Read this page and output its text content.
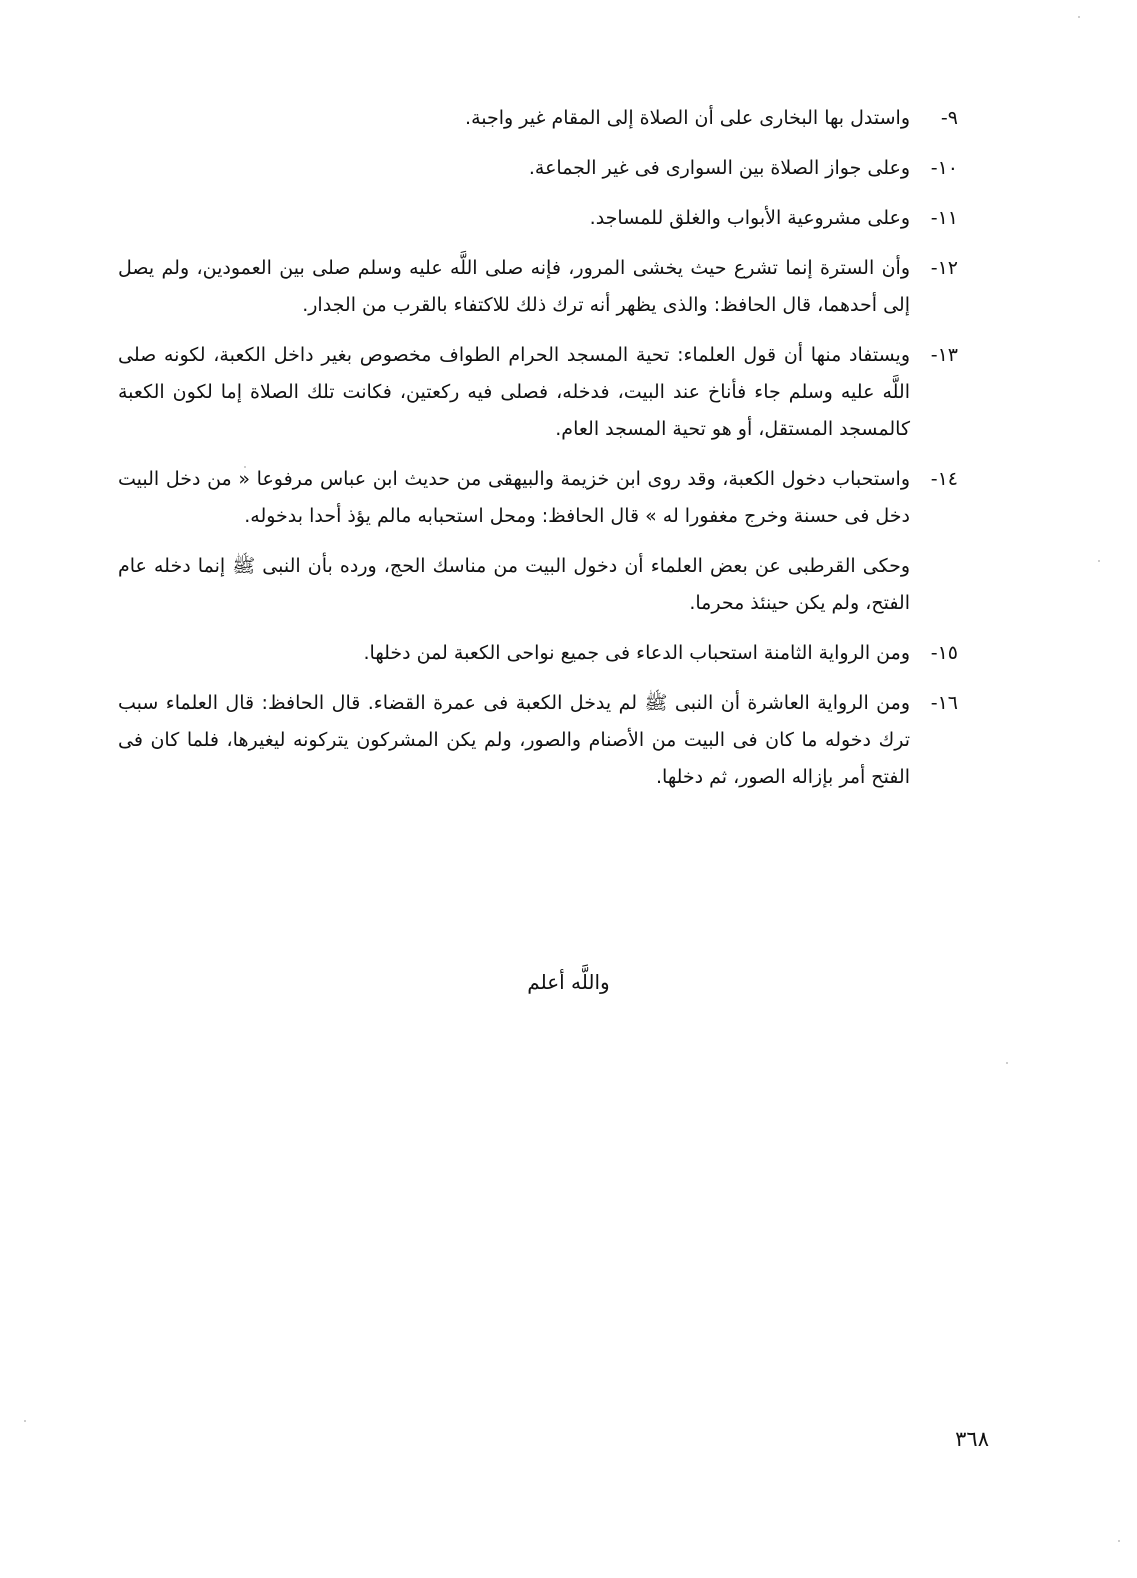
٩-
واستدل بها البخارى على أن الصلاة إلى المقام غير واجبة.
١٠-
وعلى جواز الصلاة بين السوارى فى غير الجماعة.
١١-
وعلى مشروعية الأبواب والغلق للمساجد.
١٢-
وأن السترة إنما تشرع حيث يخشى المرور، فإنه صلى اللَّه عليه وسلم صلى بين العمودين، ولم يصل إلى أحدهما، قال الحافظ: والذى يظهر أنه ترك ذلك للاكتفاء بالقرب من الجدار.
١٣-
ويستفاد منها أن قول العلماء: تحية المسجد الحرام الطواف مخصوص بغير داخل الكعبة، لكونه صلى اللَّه عليه وسلم جاء فأناخ عند البيت، فدخله، فصلى فيه ركعتين، فكانت تلك الصلاة إما لكون الكعبة كالمسجد المستقل، أو هو تحية المسجد العام.
١٤-
واستحباب دخول الكعبة، وقد روى ابن خزيمة والبيهقى من حديث ابن عباس مرفوعا « من دخل البيت دخل فى حسنة وخرج مغفورا له » قال الحافظ: ومحل استحبابه مالم يؤذ أحدا بدخوله.
وحكى القرطبى عن بعض العلماء أن دخول البيت من مناسك الحج، ورده بأن النبى ﷺ إنما دخله عام الفتح، ولم يكن حينئذ محرما.
١٥-
ومن الرواية الثامنة استحباب الدعاء فى جميع نواحى الكعبة لمن دخلها.
١٦-
ومن الرواية العاشرة أن النبى ﷺ لم يدخل الكعبة فى عمرة القضاء. قال الحافظ: قال العلماء سبب ترك دخوله ما كان فى البيت من الأصنام والصور، ولم يكن المشركون يتركونه ليغيرها، فلما كان فى الفتح أمر بإزاله الصور، ثم دخلها.
واللَّه أعلم
٣٦٨
